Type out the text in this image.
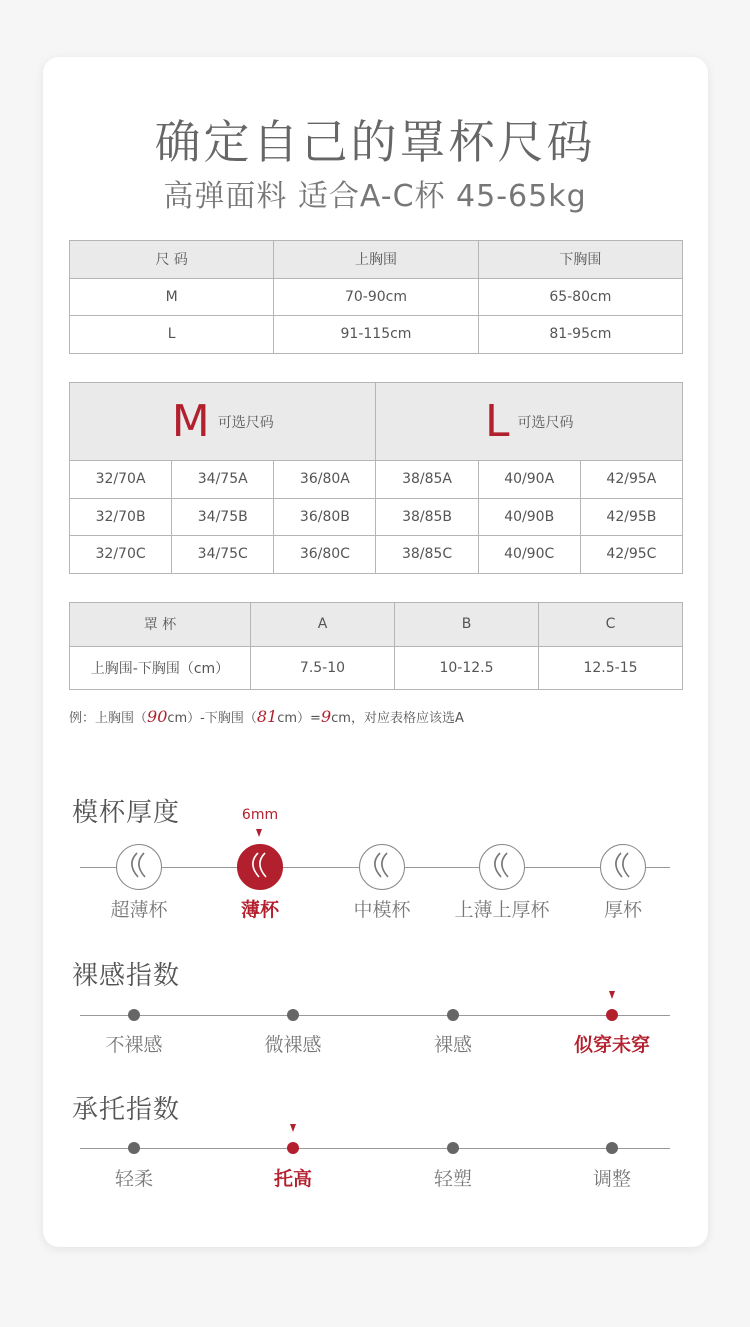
确定自己的罩杯尺码
高弹面料 适合A-C杯 45-65kg
尺 码	上胸围	下胸围
M	70-90cm	65-80cm
L	91-115cm	81-95cm
M 可选尺码			L 可选尺码		
32/70A	34/75A	36/80A	38/85A	40/90A	42/95A
32/70B	34/75B	36/80B	38/85B	40/90B	42/95B
32/70C	34/75C	36/80C	38/85C	40/90C	42/95C
罩 杯	A	B	C
上胸围-下胸围（cm）	7.5-10	10-12.5	12.5-15
例：上胸围（90cm）-下胸围（81cm）=9cm，对应表格应该选A
模杯厚度	6mm
超薄杯	薄杯	中模杯	上薄上厚杯	厚杯
裸感指数
不裸感	微裸感	裸感	似穿未穿
承托指数
轻柔	托高	轻塑	调整
